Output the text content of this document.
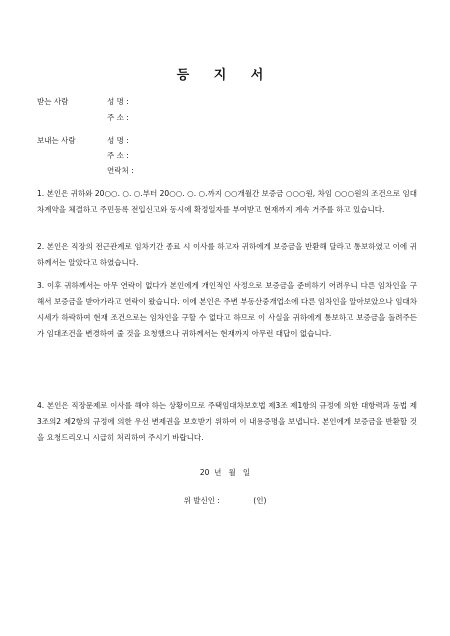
등 지 서
받는 사람	성 명 :
주 소 :
보내는 사람	성 명 :
주 소 :
연락처 :
1. 본인은 귀하와 20○○. ○. ○.부터 20○○. ○. ○.까지 ○○개월간 보증금 ○○○원, 차임 ○○○원의 조건으로 임대차계약을 체결하고 주민등록 전입신고와 동시에 확정일자를 부여받고 현재까지 계속 거주를 하고 있습니다.
2. 본인은 직장의 전근관계로 임차기간 종료 시 이사를 하고자 귀하에게 보증금을 반환해 달라고 통보하였고 이에 귀하께서는 알았다고 하였습니다.
3. 이후 귀하께서는 아무 연락이 없다가 본인에게 개인적인 사정으로 보증금을 준비하기 어려우니 다른 임차인을 구해서 보증금을 받아가라고 연락이 왔습니다. 이에 본인은 주변 부동산중개업소에 다른 임차인을 알아보았으나 임대차 시세가 하락하여 현재 조건으로는 임차인을 구할 수 없다고 하므로 이 사실을 귀하에게 통보하고 보증금을 돌려주든가 임대조건을 변경하여 줄 것을 요청했으나 귀하께서는 현재까지 아무런 대답이 없습니다.
4. 본인은 직장문제로 이사를 해야 하는 상황이므로 주택임대차보호법 제3조 제1항의 규정에 의한 대항력과 동법 제3조의2 제2항의 규정에 의한 우선 변제권을 보호받기 위하여 이 내용증명을 보냅니다. 본인에게 보증금을 반환할 것을 요청드리오니 시급히 처리하여 주시기 바랍니다.
20  년   월   일
위 발신인 :              (인)
